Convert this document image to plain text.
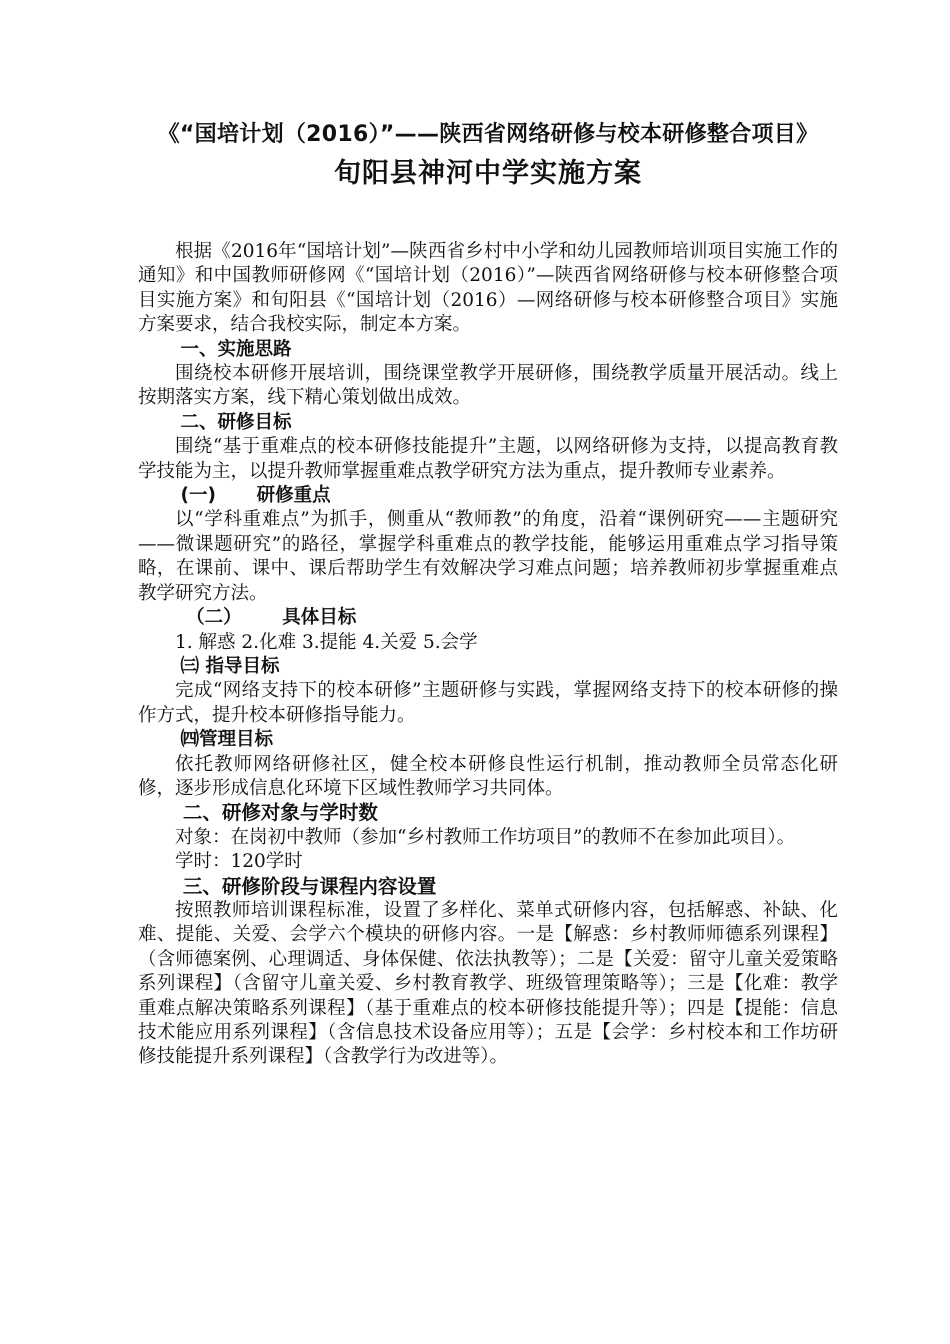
《“国培计划（2016）”——陕西省网络研修与校本研修整合项目》
旬阳县神河中学实施方案

根据《2016年“国培计划”—陕西省乡村中小学和幼儿园教师培训项目实施工作的通知》和中国教师研修网《“国培计划（2016）”—陕西省网络研修与校本研修整合项目实施方案》和旬阳县《“国培计划（2016）—网络研修与校本研修整合项目》实施方案要求，结合我校实际，制定本方案。

一、实施思路

围绕校本研修开展培训，围绕课堂教学开展研修，围绕教学质量开展活动。线上按期落实方案，线下精心策划做出成效。

二、研修目标

围绕“基于重难点的校本研修技能提升”主题，以网络研修为支持，以提高教育教学技能为主，以提升教师掌握重难点教学研究方法为重点，提升教师专业素养。

(一) 研修重点

以“学科重难点”为抓手，侧重从“教师教”的角度，沿着“课例研究——主题研究——微课题研究”的路径，掌握学科重难点的教学技能，能够运用重难点学习指导策略，在课前、课中、课后帮助学生有效解决学习难点问题；培养教师初步掌握重难点教学研究方法。

（二） 具体目标

1. 解惑 2.化难 3.提能 4.关爱 5.会学

㈢ 指导目标

完成“网络支持下的校本研修”主题研修与实践，掌握网络支持下的校本研修的操作方式，提升校本研修指导能力。

㈣管理目标

依托教师网络研修社区，健全校本研修良性运行机制，推动教师全员常态化研修，逐步形成信息化环境下区域性教师学习共同体。

二、研修对象与学时数

对象：在岗初中教师（参加“乡村教师工作坊项目”的教师不在参加此项目）。

学时：120学时

三、研修阶段与课程内容设置

按照教师培训课程标准，设置了多样化、菜单式研修内容，包括解惑、补缺、化难、提能、关爱、会学六个模块的研修内容。一是【解惑：乡村教师师德系列课程】（含师德案例、心理调适、身体保健、依法执教等）；二是【关爱：留守儿童关爱策略系列课程】（含留守儿童关爱、乡村教育教学、班级管理策略等）；三是【化难：教学重难点解决策略系列课程】（基于重难点的校本研修技能提升等）；四是【提能：信息技术能应用系列课程】（含信息技术设备应用等）；五是【会学：乡村校本和工作坊研修技能提升系列课程】（含教学行为改进等）。
